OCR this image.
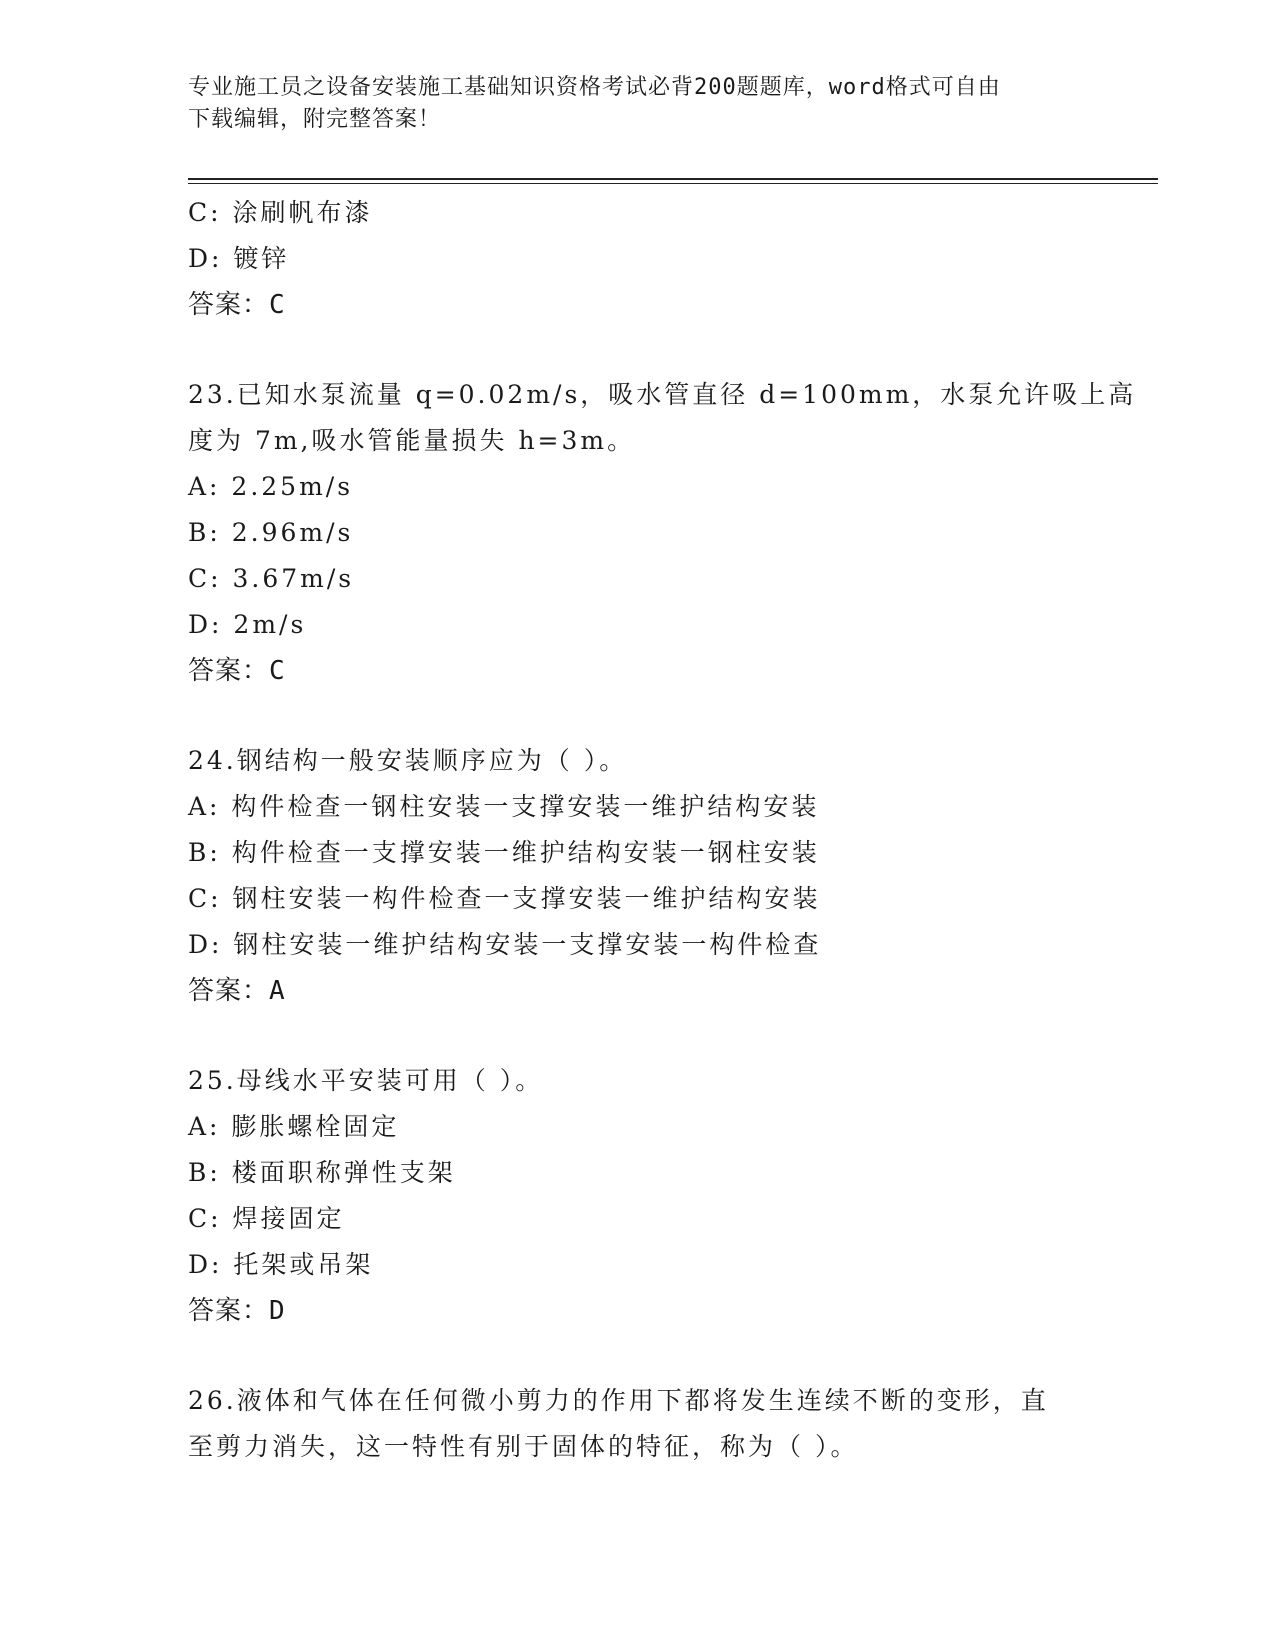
专业施工员之设备安装施工基础知识资格考试必背200题题库，word格式可自由
下载编辑，附完整答案！
C: 涂刷帆布漆
D: 镀锌
答案：C
23.已知水泵流量 q=0.02m/s，吸水管直径 d=100mm，水泵允许吸上高
度为 7m,吸水管能量损失 h=3m。
A: 2.25m/s
B: 2.96m/s
C: 3.67m/s
D: 2m/s
答案：C
24.钢结构一般安装顺序应为（ ）。
A: 构件检查一钢柱安装一支撑安装一维护结构安装
B: 构件检查一支撑安装一维护结构安装一钢柱安装
C: 钢柱安装一构件检查一支撑安装一维护结构安装
D: 钢柱安装一维护结构安装一支撑安装一构件检查
答案：A
25.母线水平安装可用（ ）。
A: 膨胀螺栓固定
B: 楼面职称弹性支架
C: 焊接固定
D: 托架或吊架
答案：D
26.液体和气体在任何微小剪力的作用下都将发生连续不断的变形，直
至剪力消失，这一特性有别于固体的特征，称为（ ）。
